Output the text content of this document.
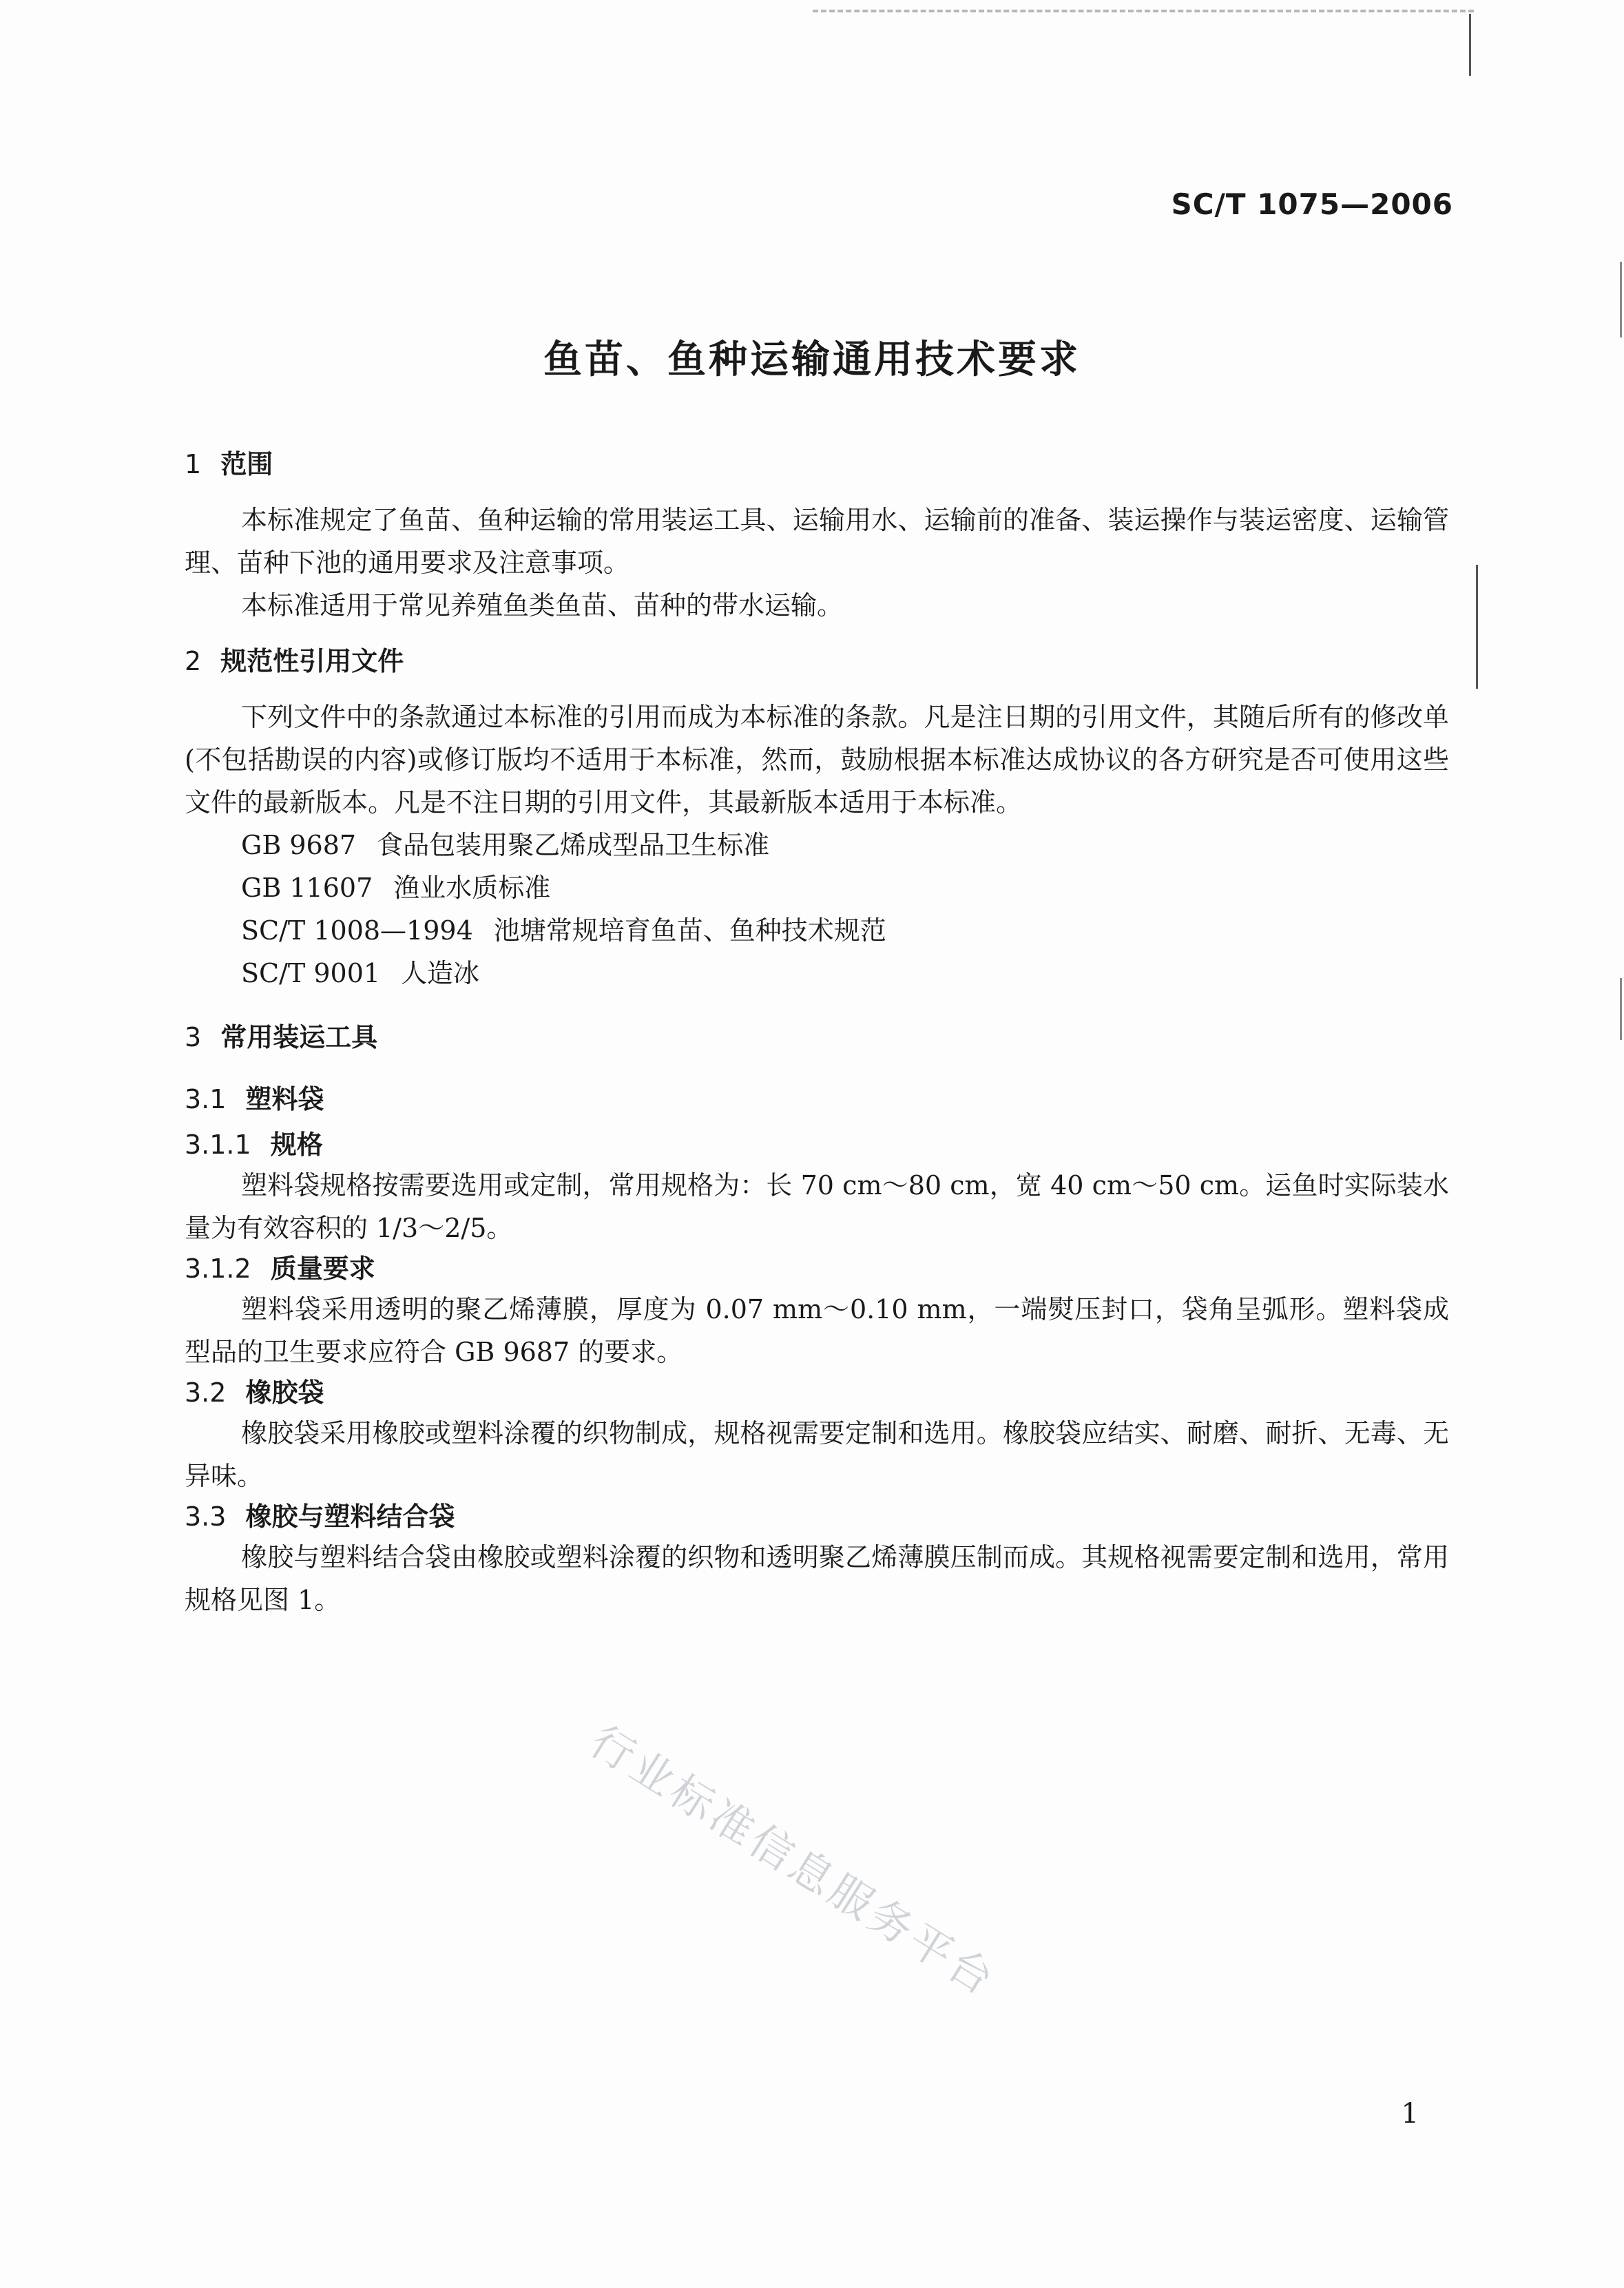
SC/T 1075—2006
鱼苗、鱼种运输通用技术要求

1 范围

本标准规定了鱼苗、鱼种运输的常用装运工具、运输用水、运输前的准备、装运操作与装运密度、运输管理、苗种下池的通用要求及注意事项。

本标准适用于常见养殖鱼类鱼苗、苗种的带水运输。

2 规范性引用文件

下列文件中的条款通过本标准的引用而成为本标准的条款。凡是注日期的引用文件，其随后所有的修改单(不包括勘误的内容)或修订版均不适用于本标准，然而，鼓励根据本标准达成协议的各方研究是否可使用这些文件的最新版本。凡是不注日期的引用文件，其最新版本适用于本标准。

GB 9687 食品包装用聚乙烯成型品卫生标准

GB 11607 渔业水质标准

SC/T 1008—1994 池塘常规培育鱼苗、鱼种技术规范

SC/T 9001 人造冰

3 常用装运工具

3.1 塑料袋

3.1.1 规格

塑料袋规格按需要选用或定制，常用规格为：长 70 cm～80 cm，宽 40 cm～50 cm。运鱼时实际装水量为有效容积的 1/3～2/5。

3.1.2 质量要求

塑料袋采用透明的聚乙烯薄膜，厚度为 0.07 mm～0.10 mm，一端熨压封口，袋角呈弧形。塑料袋成型品的卫生要求应符合 GB 9687 的要求。

3.2 橡胶袋

橡胶袋采用橡胶或塑料涂覆的织物制成，规格视需要定制和选用。橡胶袋应结实、耐磨、耐折、无毒、无异味。

3.3 橡胶与塑料结合袋

橡胶与塑料结合袋由橡胶或塑料涂覆的织物和透明聚乙烯薄膜压制而成。其规格视需要定制和选用，常用规格见图 1。

行业标准信息服务平台
1
